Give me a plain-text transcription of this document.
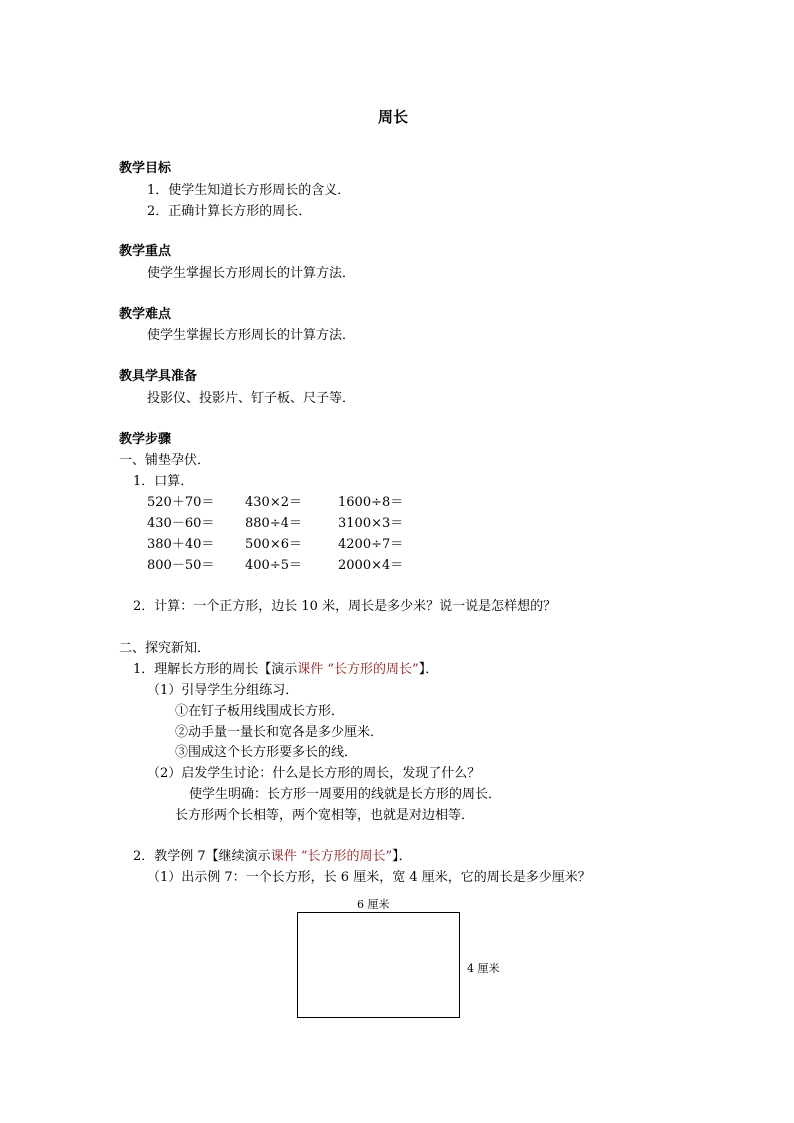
周长
教学目标
1．使学生知道长方形周长的含义．
2．正确计算长方形的周长．
教学重点
使学生掌握长方形周长的计算方法．
教学难点
使学生掌握长方形周长的计算方法．
教具学具准备
投影仪、投影片、钉子板、尺子等．
教学步骤
一、铺垫孕伏．
1．口算．
520＋70＝ 430×2＝	1600÷8＝
430－60＝ 880÷4＝	3100×3＝
380＋40＝ 500×6＝	4200÷7＝
800－50＝ 400÷5＝	2000×4＝
2．计算：一个正方形，边长 10 米，周长是多少米？说一说是怎样想的？
二、探究新知．
1．理解长方形的周长【演示课件 “长方形的周长”】．
（1）引导学生分组练习．
①在钉子板用线围成长方形．
②动手量一量长和宽各是多少厘米．
③围成这个长方形要多长的线．
（2）启发学生讨论：什么是长方形的周长，发现了什么？
使学生明确：长方形一周要用的线就是长方形的周长．
长方形两个长相等，两个宽相等，也就是对边相等．
2．教学例 7【继续演示课件 “长方形的周长”】．
（1）出示例 7：一个长方形，长 6 厘米，宽 4 厘米，它的周长是多少厘米？
6 厘米
4 厘米
